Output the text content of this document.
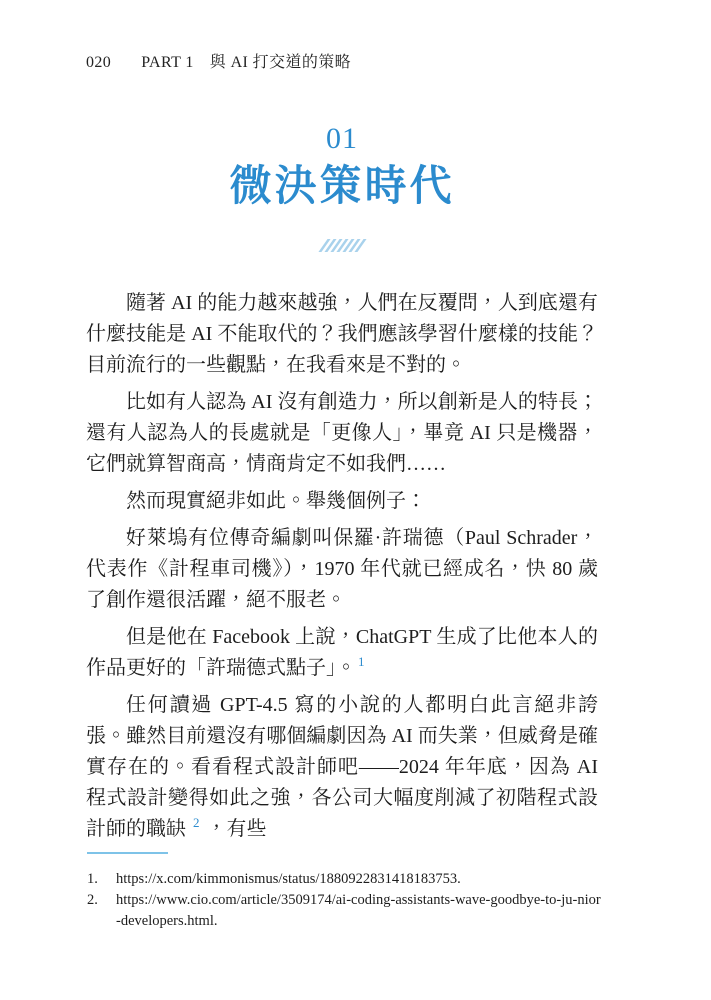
020 PART 1 與 AI 打交道的策略
01
微決策時代

隨著 AI 的能力越來越強，人們在反覆問，人到底還有什麼技能是 AI 不能取代的？我們應該學習什麼樣的技能？目前流行的一些觀點，在我看來是不對的。

比如有人認為 AI 沒有創造力，所以創新是人的特長；還有人認為人的長處就是「更像人」，畢竟 AI 只是機器，它們就算智商高，情商肯定不如我們……

然而現實絕非如此。舉幾個例子：

好萊塢有位傳奇編劇叫保羅·許瑞德（Paul Schrader，代表作《計程車司機》），1970 年代就已經成名，快 80 歲了創作還很活躍，絕不服老。

但是他在 Facebook 上說，ChatGPT 生成了比他本人的作品更好的「許瑞德式點子」。 $^1$

任何讀過 GPT-4.5 寫的小說的人都明白此言絕非誇張。雖然目前還沒有哪個編劇因為 AI 而失業，但威脅是確實存在的。看看程式設計師吧——2024 年年底，因為 AI 程式設計變得如此之強，各公司大幅度削減了初階程式設計師的職缺 $^2$ ，有些

1.	https://x.com/kimmonismus/status/1880922831418183753.
2.	https://www.cio.com/article/3509174/ai-coding-assistants-wave-goodbye-to-ju-nior-developers.html.
